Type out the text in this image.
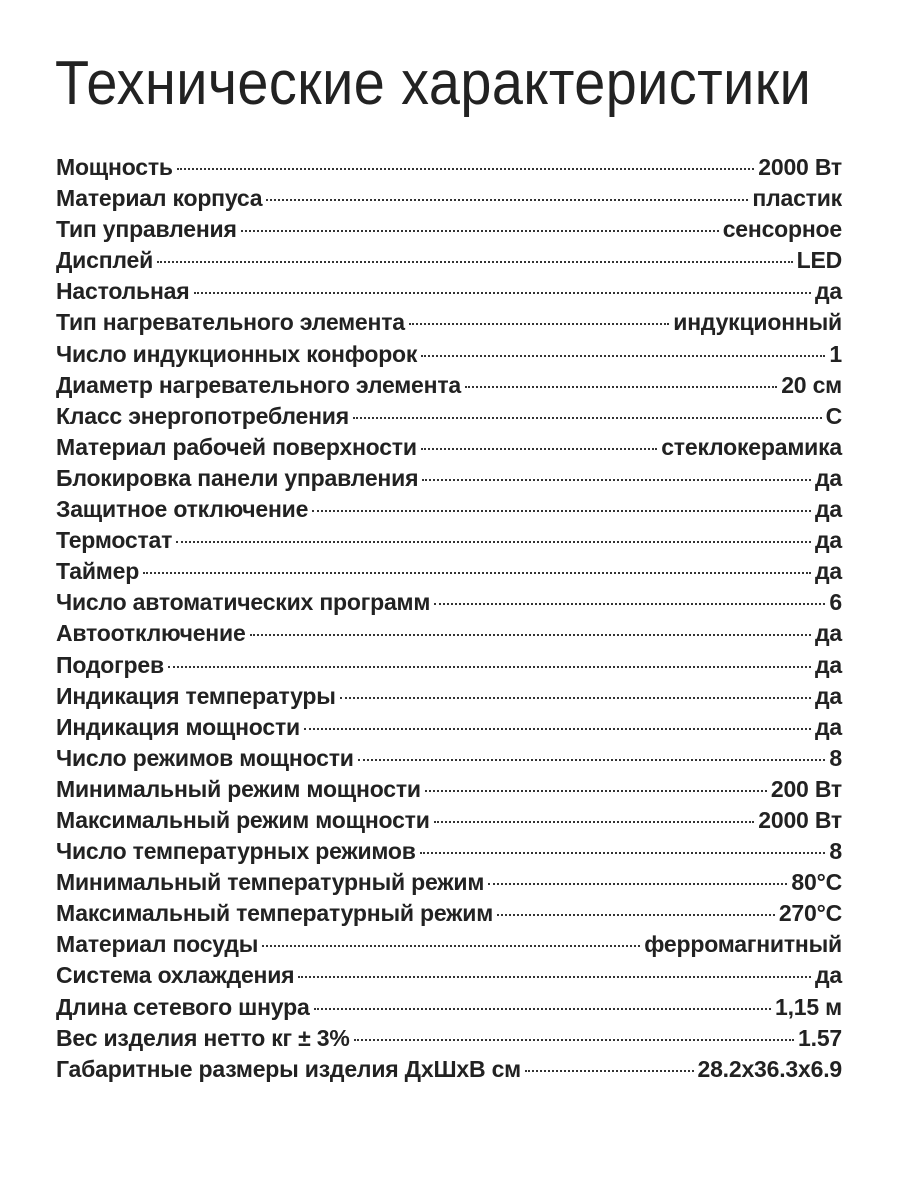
Технические характеристики
Мощность	2000 Вт
Материал корпуса	пластик
Тип управления	сенсорное
Дисплей	LED
Настольная	да
Тип нагревательного элемента	индукционный
Число индукционных конфорок	1
Диаметр нагревательного элемента	20 см
Класс энергопотребления	С
Материал рабочей поверхности	стеклокерамика
Блокировка панели управления	да
Защитное отключение	да
Термостат	да
Таймер	да
Число автоматических программ	6
Автоотключение	да
Подогрев	да
Индикация температуры	да
Индикация мощности	да
Число режимов мощности	8
Минимальный режим мощности	200 Вт
Максимальный режим мощности	2000 Вт
Число температурных режимов	8
Минимальный температурный режим	80°С
Максимальный температурный режим	270°С
Материал посуды	ферромагнитный
Система охлаждения	да
Длина сетевого шнура	1,15 м
Вес изделия нетто кг ± 3%	1.57
Габаритные размеры изделия ДхШхВ см	28.2х36.3х6.9
